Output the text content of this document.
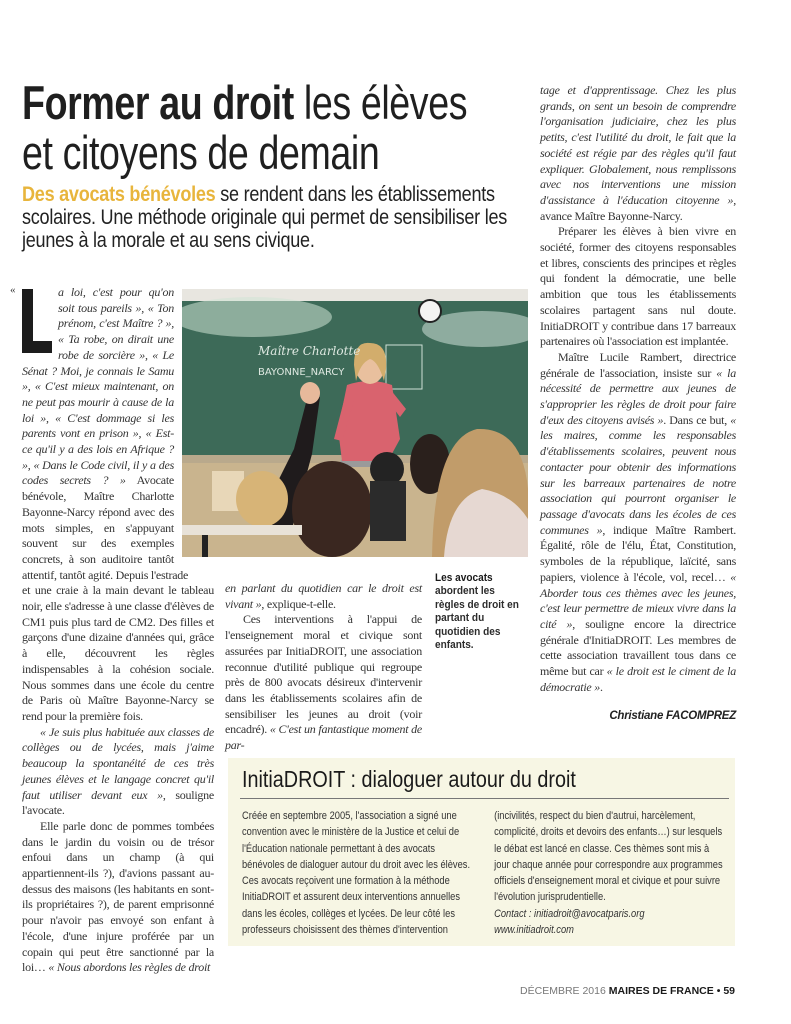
Former au droit les élèves
et citoyens de demain
Des avocats bénévoles se rendent dans les établissements scolaires. Une méthode originale qui permet de sensibiliser les jeunes à la morale et au sens civique.
«	a loi, c'est pour qu'on soit tous pareils », « Ton prénom, c'est Maître ? », « Ta robe, on dirait une robe de sorcière », « Le Sénat ? Moi, je connais le Samu », « C'est mieux maintenant, on ne peut pas mourir à cause de la loi », « C'est dommage si les parents vont en prison », « Est-ce qu'il y a des lois en Afrique ? », « Dans le Code civil, il y a des codes secrets ? » Avocate bénévole, Maître Charlotte Bayonne-Narcy répond avec des mots simples, en s'appuyant souvent sur des exemples concrets, à son auditoire tantôt attentif, tantôt agité. Depuis l'estrade

et une craie à la main devant le tableau noir, elle s'adresse à une classe d'élèves de CM1 puis plus tard de CM2. Des filles et garçons d'une dizaine d'années qui, grâce à elle, découvrent les règles indispensables à la cohésion sociale. Nous sommes dans une école du centre de Paris où Maître Bayonne-Narcy se rend pour la première fois.

« Je suis plus habituée aux classes de collèges ou de lycées, mais j'aime beaucoup la spontanéité de ces très jeunes élèves et le langage concret qu'il faut utiliser devant eux », souligne l'avocate.

Elle parle donc de pommes tombées dans le jardin du voisin ou de trésor enfoui dans un champ (à qui appartiennent-ils ?), d'avions passant au-dessus des maisons (les habitants en sont-ils propriétaires ?), de parent emprisonné pour n'avoir pas envoyé son enfant à l'école, d'une injure proférée par un copain qui peut être sanctionné par la loi… « Nous abordons les règles de droit

Maître Charlotte
BAYONNE_NARCY
Les avocats
abordent les règles de droit en partant du quotidien des enfants.

en parlant du quotidien car le droit est vivant », explique-t-elle.

Ces interventions à l'appui de l'enseignement moral et civique sont assurées par InitiaDROIT, une association reconnue d'utilité publique qui regroupe près de 800 avocats désireux d'intervenir dans les établissements scolaires afin de sensibiliser les jeunes au droit (voir encadré). « C'est un fantastique moment de par-

tage et d'apprentissage. Chez les plus grands, on sent un besoin de comprendre l'organisation judiciaire, chez les plus petits, c'est l'utilité du droit, le fait que la société est régie par des règles qu'il faut expliquer. Globalement, nous remplissons avec nos interventions une mission d'assistance à l'éducation citoyenne », avance Maître Bayonne-Narcy.

Préparer les élèves à bien vivre en société, former des citoyens responsables et libres, conscients des principes et règles qui fondent la démocratie, une belle ambition que tous les établissements scolaires partagent sans nul doute. InitiaDROIT y contribue dans 17 barreaux partenaires où l'association est implantée.

Maître Lucile Rambert, directrice générale de l'association, insiste sur « la nécessité de permettre aux jeunes de s'approprier les règles de droit pour faire d'eux des citoyens avisés ». Dans ce but, « les maires, comme les responsables d'établissements scolaires, peuvent nous contacter pour obtenir des informations sur les barreaux partenaires de notre association qui pourront organiser le passage d'avocats dans les écoles de ces communes », indique Maître Rambert. Égalité, rôle de l'élu, État, Constitution, symboles de la république, laïcité, sans papiers, violence à l'école, vol, recel… « Aborder tous ces thèmes avec les jeunes, c'est leur permettre de mieux vivre dans la cité », souligne encore la directrice générale d'InitiaDROIT. Les membres de cette association travaillent tous dans ce même but car « le droit est le ciment de la démocratie ».

Christiane FACOMPREZ
InitiaDROIT : dialoguer autour du droit

Créée en septembre 2005, l'association a signé une convention avec le ministère de la Justice et celui de l'Éducation nationale permettant à des avocats bénévoles de dialoguer autour du droit avec les élèves. Ces avocats reçoivent une formation à la méthode InitiaDROIT et assurent deux interventions annuelles dans les écoles, collèges et lycées. De leur côté les professeurs choisissent des thèmes d'intervention (incivilités, respect du bien d'autrui, harcèlement, complicité, droits et devoirs des enfants…) sur lesquels le débat est lancé en classe. Ces thèmes sont mis à jour chaque année pour correspondre aux programmes officiels d'enseignement moral et civique et pour suivre l'évolution jurisprudentielle.

Contact : initiadroit@avocatparis.org

www.initiadroit.com

DÉCEMBRE 2016 MAIRES DE FRANCE • 59
